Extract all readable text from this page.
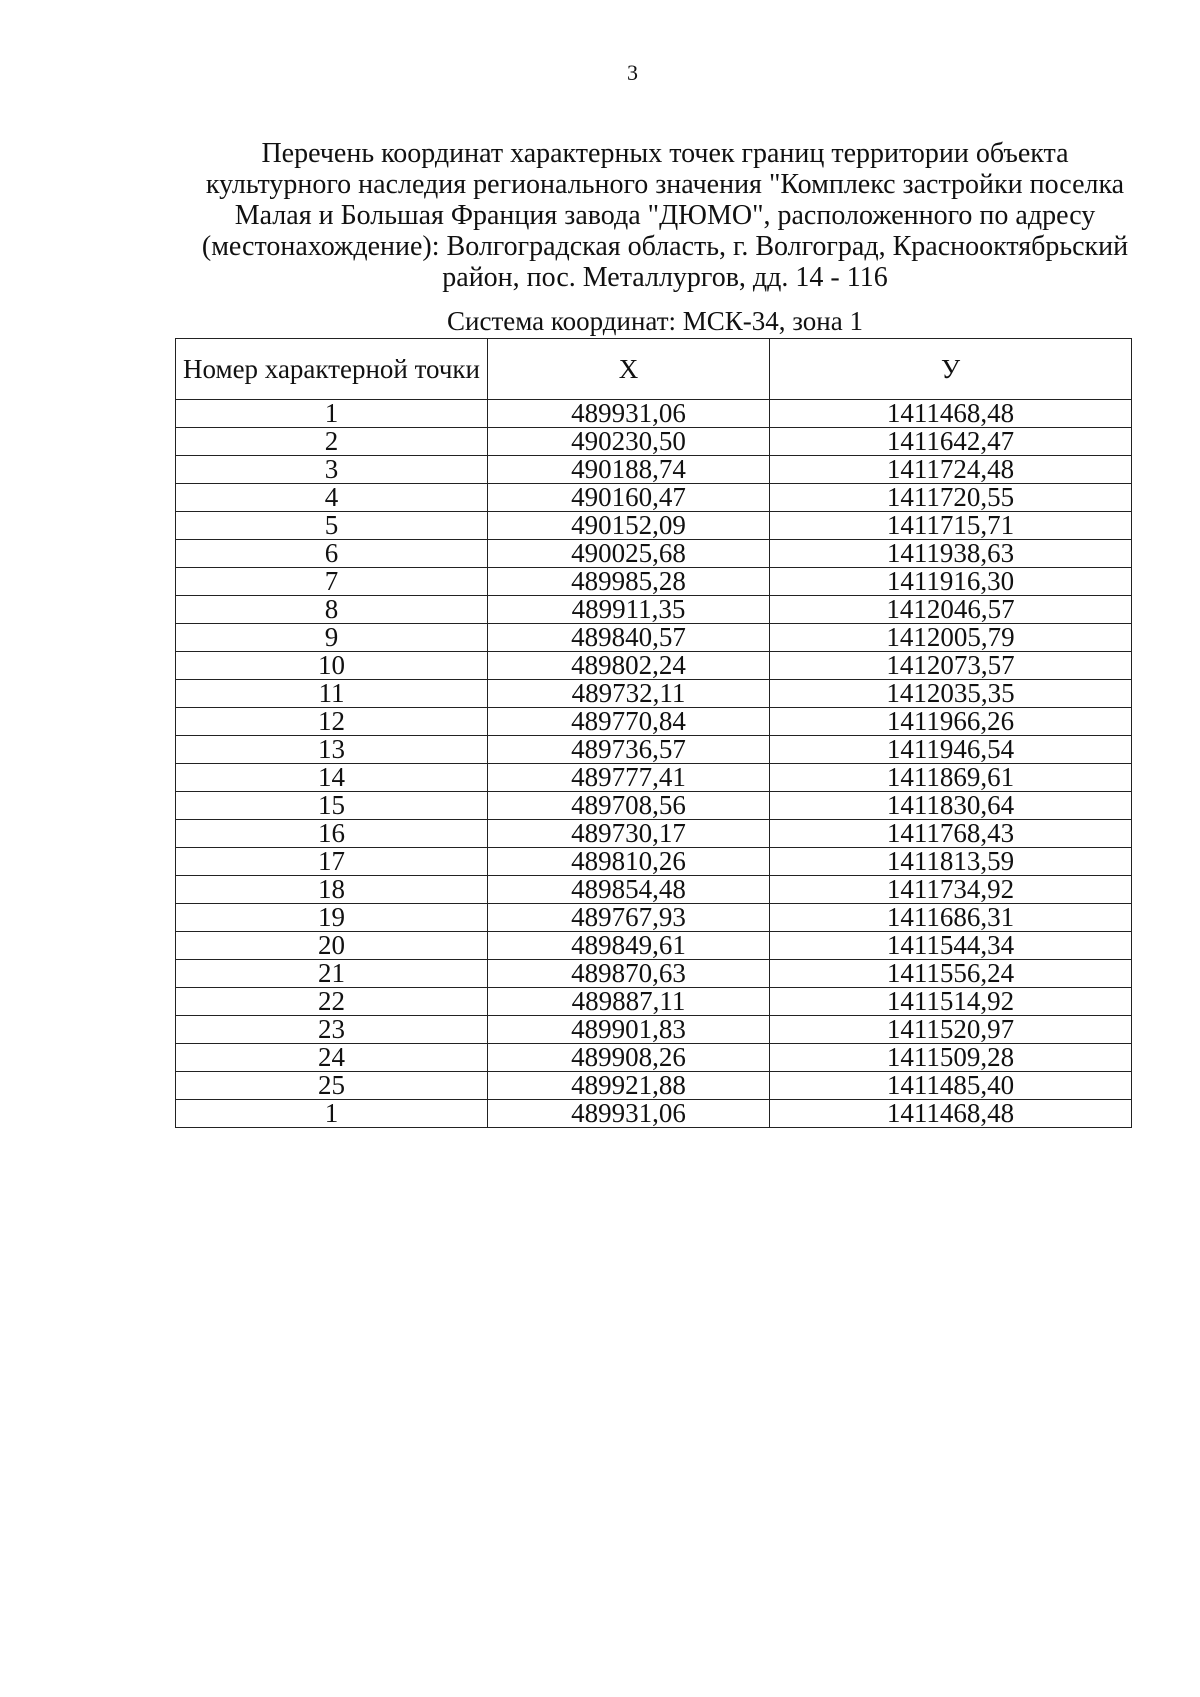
3
Перечень координат характерных точек границ территории объекта
культурного наследия регионального значения "Комплекс застройки поселка
Малая и Большая Франция завода "ДЮМО", расположенного по адресу
(местонахождение): Волгоградская область, г. Волгоград, Краснооктябрьский
район, пос. Металлургов, дд. 14 - 116
Система координат: МСК-34, зона 1
Номер характерной точки	X	У
1	489931,06	1411468,48
2	490230,50	1411642,47
3	490188,74	1411724,48
4	490160,47	1411720,55
5	490152,09	1411715,71
6	490025,68	1411938,63
7	489985,28	1411916,30
8	489911,35	1412046,57
9	489840,57	1412005,79
10	489802,24	1412073,57
11	489732,11	1412035,35
12	489770,84	1411966,26
13	489736,57	1411946,54
14	489777,41	1411869,61
15	489708,56	1411830,64
16	489730,17	1411768,43
17	489810,26	1411813,59
18	489854,48	1411734,92
19	489767,93	1411686,31
20	489849,61	1411544,34
21	489870,63	1411556,24
22	489887,11	1411514,92
23	489901,83	1411520,97
24	489908,26	1411509,28
25	489921,88	1411485,40
1	489931,06	1411468,48
